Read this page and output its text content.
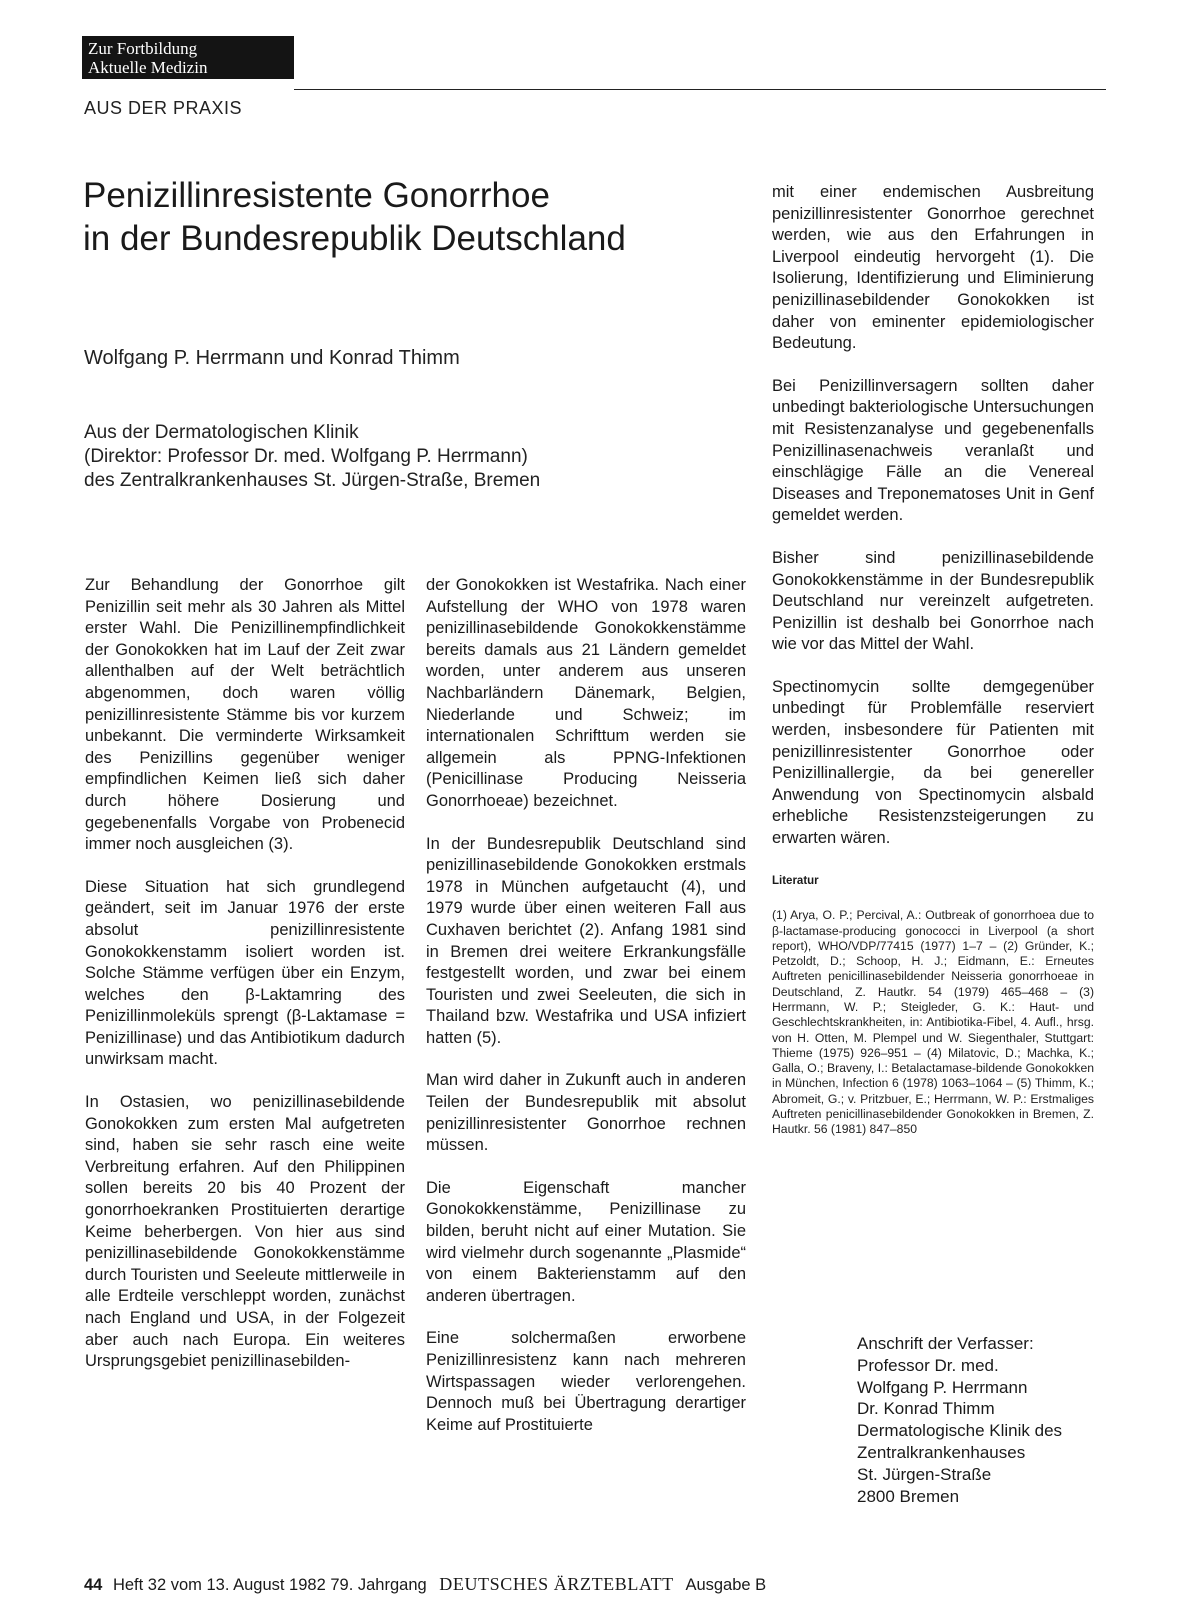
Zur Fortbildung
Aktuelle Medizin
AUS DER PRAXIS
Penizillinresistente Gonorrhoe
in der Bundesrepublik Deutschland
Wolfgang P. Herrmann und Konrad Thimm
Aus der Dermatologischen Klinik
(Direktor: Professor Dr. med. Wolfgang P. Herrmann)
des Zentralkrankenhauses St. Jürgen-Straße, Bremen

Zur Behandlung der Gonorrhoe gilt Penizillin seit mehr als 30 Jahren als Mittel erster Wahl. Die Penizillinempfindlichkeit der Gonokokken hat im Lauf der Zeit zwar allenthalben auf der Welt beträchtlich abgenommen, doch waren völlig penizillinresistente Stämme bis vor kurzem unbekannt. Die verminderte Wirksamkeit des Penizillins gegenüber weniger empfindlichen Keimen ließ sich daher durch höhere Dosierung und gegebenenfalls Vorgabe von Probenecid immer noch ausgleichen (3).

Diese Situation hat sich grundlegend geändert, seit im Januar 1976 der erste absolut penizillinresistente Gonokokkenstamm isoliert worden ist. Solche Stämme verfügen über ein Enzym, welches den β-Laktamring des Penizillinmoleküls sprengt (β-Laktamase = Penizillinase) und das Antibiotikum dadurch unwirksam macht.

In Ostasien, wo penizillinasebildende Gonokokken zum ersten Mal aufgetreten sind, haben sie sehr rasch eine weite Verbreitung erfahren. Auf den Philippinen sollen bereits 20 bis 40 Prozent der gonorrhoekranken Prostituierten derartige Keime beherbergen. Von hier aus sind penizillinasebildende Gonokokkenstämme durch Touristen und Seeleute mittlerweile in alle Erdteile verschleppt worden, zunächst nach England und USA, in der Folgezeit aber auch nach Europa. Ein weiteres Ursprungsgebiet penizillinasebilden-

der Gonokokken ist Westafrika. Nach einer Aufstellung der WHO von 1978 waren penizillinasebildende Gonokokkenstämme bereits damals aus 21 Ländern gemeldet worden, unter anderem aus unseren Nachbarländern Dänemark, Belgien, Niederlande und Schweiz; im internationalen Schrifttum werden sie allgemein als PPNG-Infektionen (Penicillinase Producing Neisseria Gonorrhoeae) bezeichnet.

In der Bundesrepublik Deutschland sind penizillinasebildende Gonokokken erstmals 1978 in München aufgetaucht (4), und 1979 wurde über einen weiteren Fall aus Cuxhaven berichtet (2). Anfang 1981 sind in Bremen drei weitere Erkrankungsfälle festgestellt worden, und zwar bei einem Touristen und zwei Seeleuten, die sich in Thailand bzw. Westafrika und USA infiziert hatten (5).

Man wird daher in Zukunft auch in anderen Teilen der Bundesrepublik mit absolut penizillinresistenter Gonorrhoe rechnen müssen.

Die Eigenschaft mancher Gonokokkenstämme, Penizillinase zu bilden, beruht nicht auf einer Mutation. Sie wird vielmehr durch sogenannte „Plasmide“ von einem Bakterienstamm auf den anderen übertragen.

Eine solchermaßen erworbene Penizillinresistenz kann nach mehreren Wirtspassagen wieder verlorengehen. Dennoch muß bei Übertragung derartiger Keime auf Prostituierte

mit einer endemischen Ausbreitung penizillinresistenter Gonorrhoe gerechnet werden, wie aus den Erfahrungen in Liverpool eindeutig hervorgeht (1). Die Isolierung, Identifizierung und Eliminierung penizillinasebildender Gonokokken ist daher von eminenter epidemiologischer Bedeutung.

Bei Penizillinversagern sollten daher unbedingt bakteriologische Untersuchungen mit Resistenzanalyse und gegebenenfalls Penizillinasenachweis veranlaßt und einschlägige Fälle an die Venereal Diseases and Treponematoses Unit in Genf gemeldet werden.

Bisher sind penizillinasebildende Gonokokkenstämme in der Bundesrepublik Deutschland nur vereinzelt aufgetreten. Penizillin ist deshalb bei Gonorrhoe nach wie vor das Mittel der Wahl.

Spectinomycin sollte demgegenüber unbedingt für Problemfälle reserviert werden, insbesondere für Patienten mit penizillinresistenter Gonorrhoe oder Penizillinallergie, da bei genereller Anwendung von Spectinomycin alsbald erhebliche Resistenzsteigerungen zu erwarten wären.

Literatur
(1) Arya, O. P.; Percival, A.: Outbreak of gonorrhoea due to β-lactamase-producing gonococci in Liverpool (a short report), WHO/VDP/77415 (1977) 1–7 – (2) Gründer, K.; Petzoldt, D.; Schoop, H. J.; Eidmann, E.: Erneutes Auftreten penicillinasebildender Neisseria gonorrhoeae in Deutschland, Z. Hautkr. 54 (1979) 465–468 – (3) Herrmann, W. P.; Steigleder, G. K.: Haut- und Geschlechtskrankheiten, in: Antibiotika-Fibel, 4. Aufl., hrsg. von H. Otten, M. Plempel und W. Siegenthaler, Stuttgart: Thieme (1975) 926–951 – (4) Milatovic, D.; Machka, K.; Galla, O.; Braveny, I.: Betalactamase-bildende Gonokokken in München, Infection 6 (1978) 1063–1064 – (5) Thimm, K.; Abromeit, G.; v. Pritzbuer, E.; Herrmann, W. P.: Erstmaliges Auftreten penicillinasebildender Gonokokken in Bremen, Z. Hautkr. 56 (1981) 847–850
Anschrift der Verfasser:
Professor Dr. med.
Wolfgang P. Herrmann
Dr. Konrad Thimm
Dermatologische Klinik des
Zentralkrankenhauses
St. Jürgen-Straße
2800 Bremen
44 Heft 32 vom 13. August 1982 79. Jahrgang DEUTSCHES ÄRZTEBLATT Ausgabe B
